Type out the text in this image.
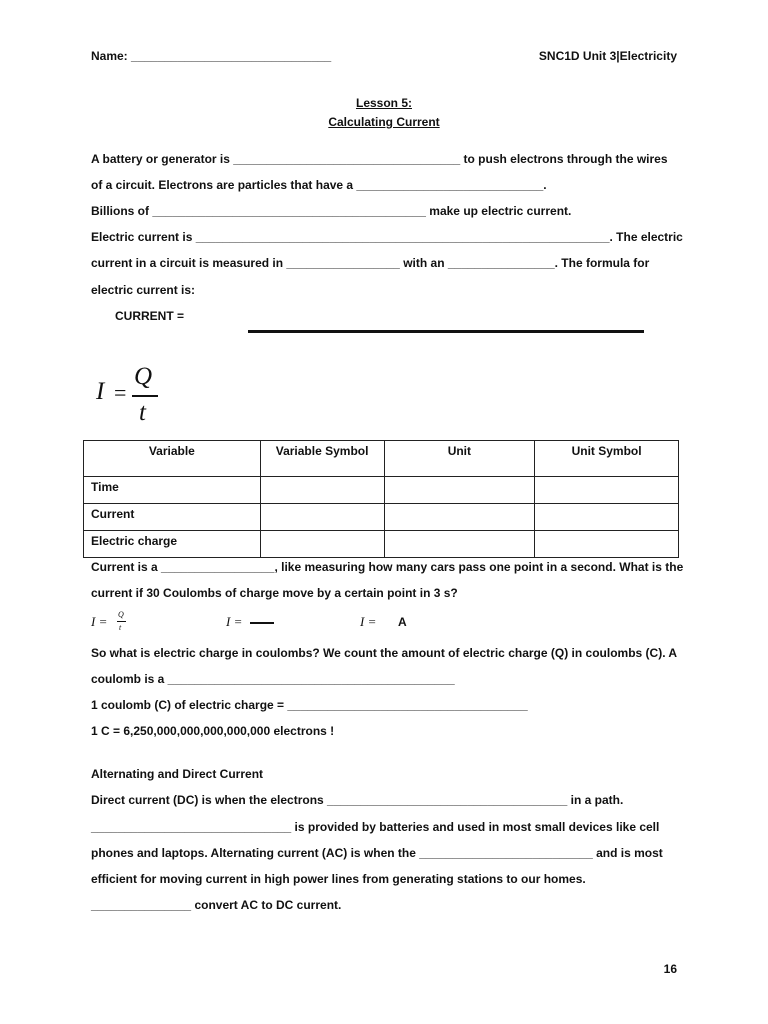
Name: ______________________________	SNC1D Unit 3|Electricity
Lesson 5:
Calculating Current
A battery or generator is __________________________________ to push electrons through the wires
of a circuit. Electrons are particles that have a ____________________________.
Billions of _________________________________________ make up electric current.
Electric current is ______________________________________________________________. The electric
current in a circuit is measured in _________________ with an ________________. The formula for
electric current is:
CURRENT =
I =
Q
t
Variable	Variable Symbol	Unit	Unit Symbol
Time			
Current			
Electric charge			
Current is a _________________, like measuring how many cars pass one point in a second. What is the
current if 30 Coulombs of charge move by a certain point in 3 s?
I = Q
t	I =	I = A
So what is electric charge in coulombs? We count the amount of electric charge (Q) in coulombs (C). A
coulomb is a ___________________________________________
1 coulomb (C) of electric charge = ____________________________________
1 C = 6,250,000,000,000,000,000 electrons !
Alternating and Direct Current
Direct current (DC) is when the electrons ____________________________________ in a path.
______________________________ is provided by batteries and used in most small devices like cell
phones and laptops. Alternating current (AC) is when the __________________________ and is most
efficient for moving current in high power lines from generating stations to our homes.
_______________ convert AC to DC current.
16
